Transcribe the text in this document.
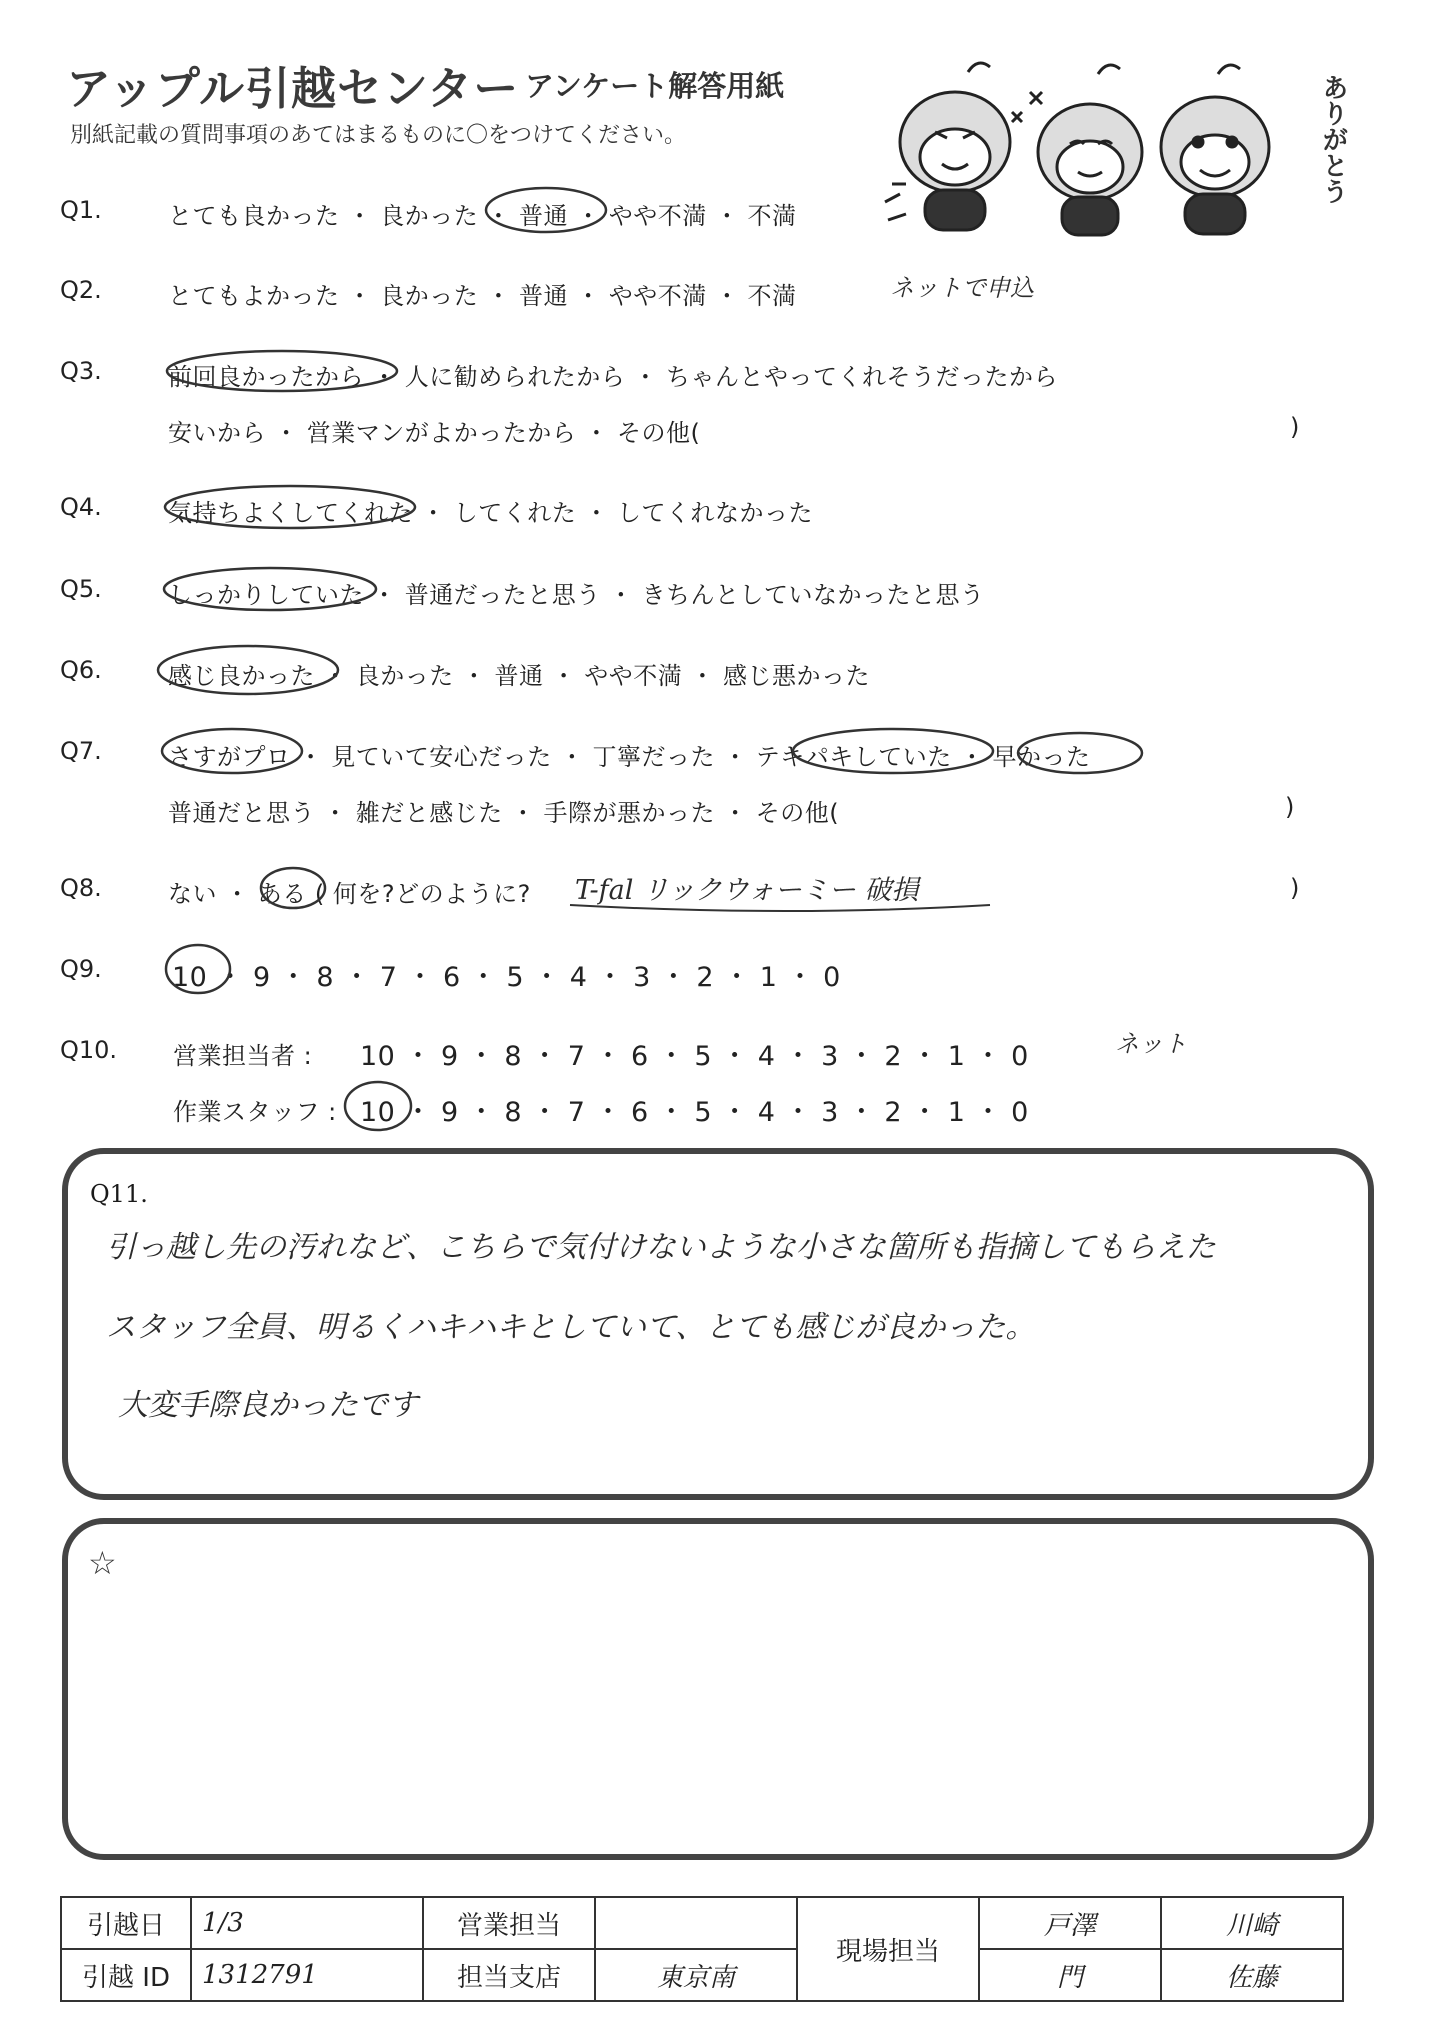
アップル引越センター アンケート解答用紙
別紙記載の質問事項のあてはまるものに〇をつけてください。	ありがとう
Q1.	とても良かった ・ 良かった ・ 普通 ・ やや不満 ・ 不満
Q2.	とてもよかった ・ 良かった ・ 普通 ・ やや不満 ・ 不満	ネットで申込
Q3.	前回良かったから ・ 人に勧められたから ・ ちゃんとやってくれそうだったから
安いから ・ 営業マンがよかったから ・ その他(	)
Q4.	気持ちよくしてくれた ・ してくれた ・ してくれなかった
Q5.	しっかりしていた ・ 普通だったと思う ・ きちんとしていなかったと思う
Q6.	感じ良かった ・ 良かった ・ 普通 ・ やや不満 ・ 感じ悪かった
Q7.	さすがプロ ・ 見ていて安心だった ・ 丁寧だった ・ テキパキしていた ・ 早かった
普通だと思う ・ 雑だと感じた ・ 手際が悪かった ・ その他(	)
Q8.	ない ・ ある ( 何を?どのように? T-fal リックウォーミー 破損	)
Q9.	10 ・ 9 ・ 8 ・ 7 ・ 6 ・ 5 ・ 4 ・ 3 ・ 2 ・ 1 ・ 0
Q10. 営業担当者 : 10 ・ 9 ・ 8 ・ 7 ・ 6 ・ 5 ・ 4 ・ 3 ・ 2 ・ 1 ・ 0	ネット
作業スタッフ : 10 ・ 9 ・ 8 ・ 7 ・ 6 ・ 5 ・ 4 ・ 3 ・ 2 ・ 1 ・ 0
Q11.
引っ越し先の汚れなど、こちらで気付けないような小さな箇所も指摘してもらえた
スタッフ全員、明るくハキハキとしていて、とても感じが良かった。
大変手際良かったです
☆
引越日	1/3	営業担当		現場担当	戸澤	川崎
引越 ID	1312791	担当支店	東京南		門	佐藤
